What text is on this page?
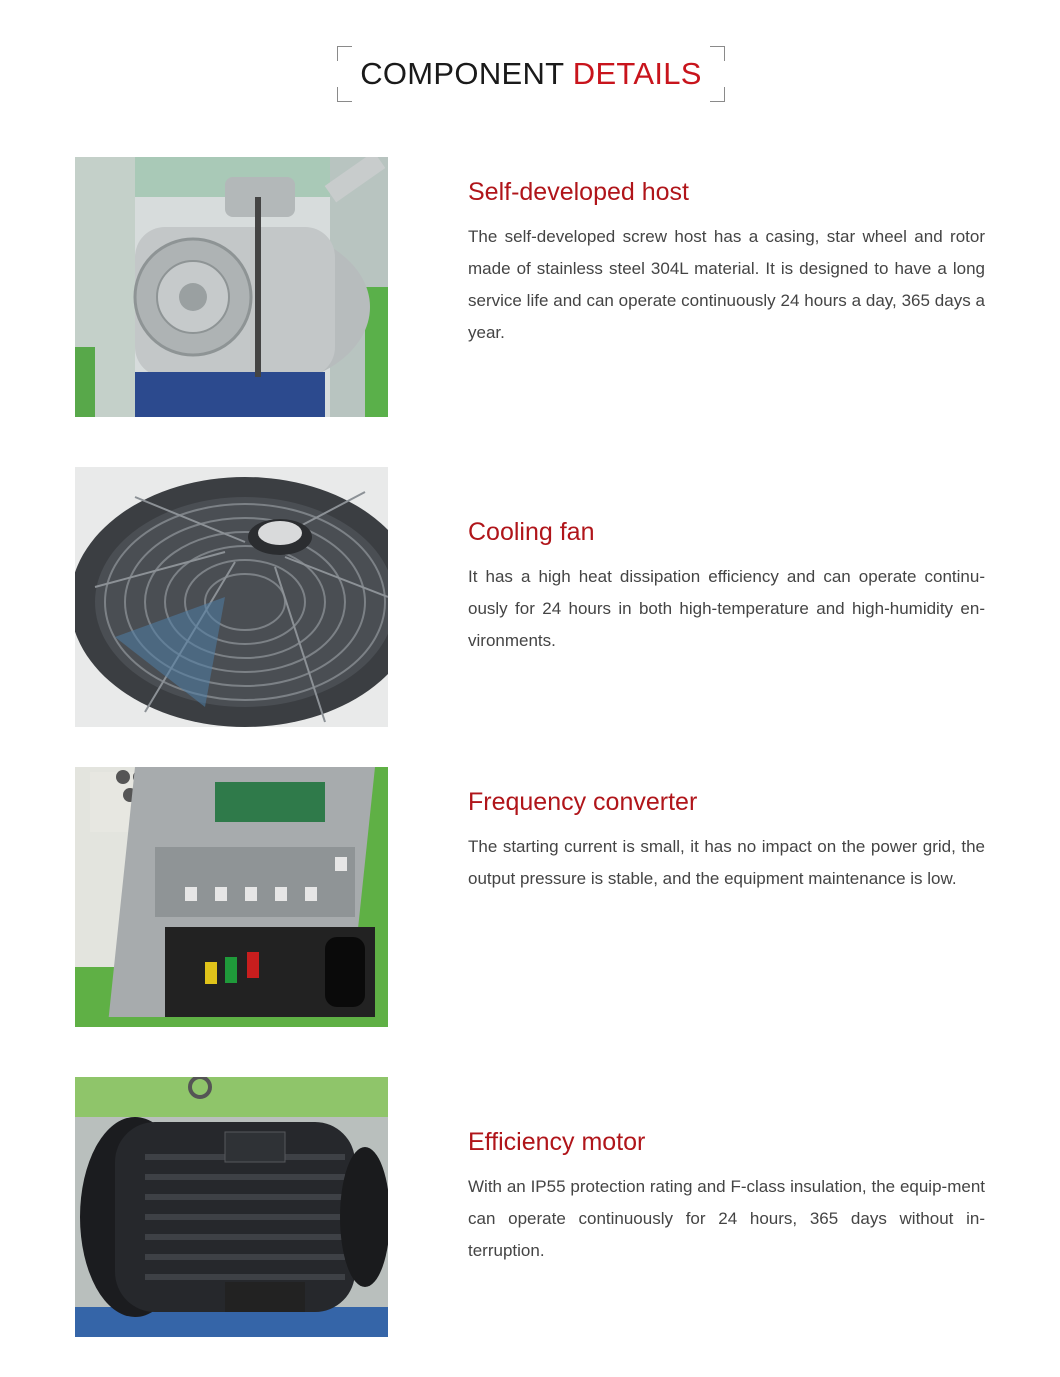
COMPONENT DETAILS
Self-developed host

The self-developed screw host has a casing, star wheel and rotor made of stainless steel 304L material. It is designed to have a long service life and can operate continuously 24 hours a day, 365 days a year.

Cooling fan

It has a high heat dissipation efficiency and can operate continu-ously for 24 hours in both high-temperature and high-humidity en-vironments.

Frequency converter

The starting current is small, it has no impact on the power grid, the output pressure is stable, and the equipment maintenance is low.

Efficiency motor

With an IP55 protection rating and F-class insulation, the equip-ment can operate continuously for 24 hours, 365 days without in-terruption.
